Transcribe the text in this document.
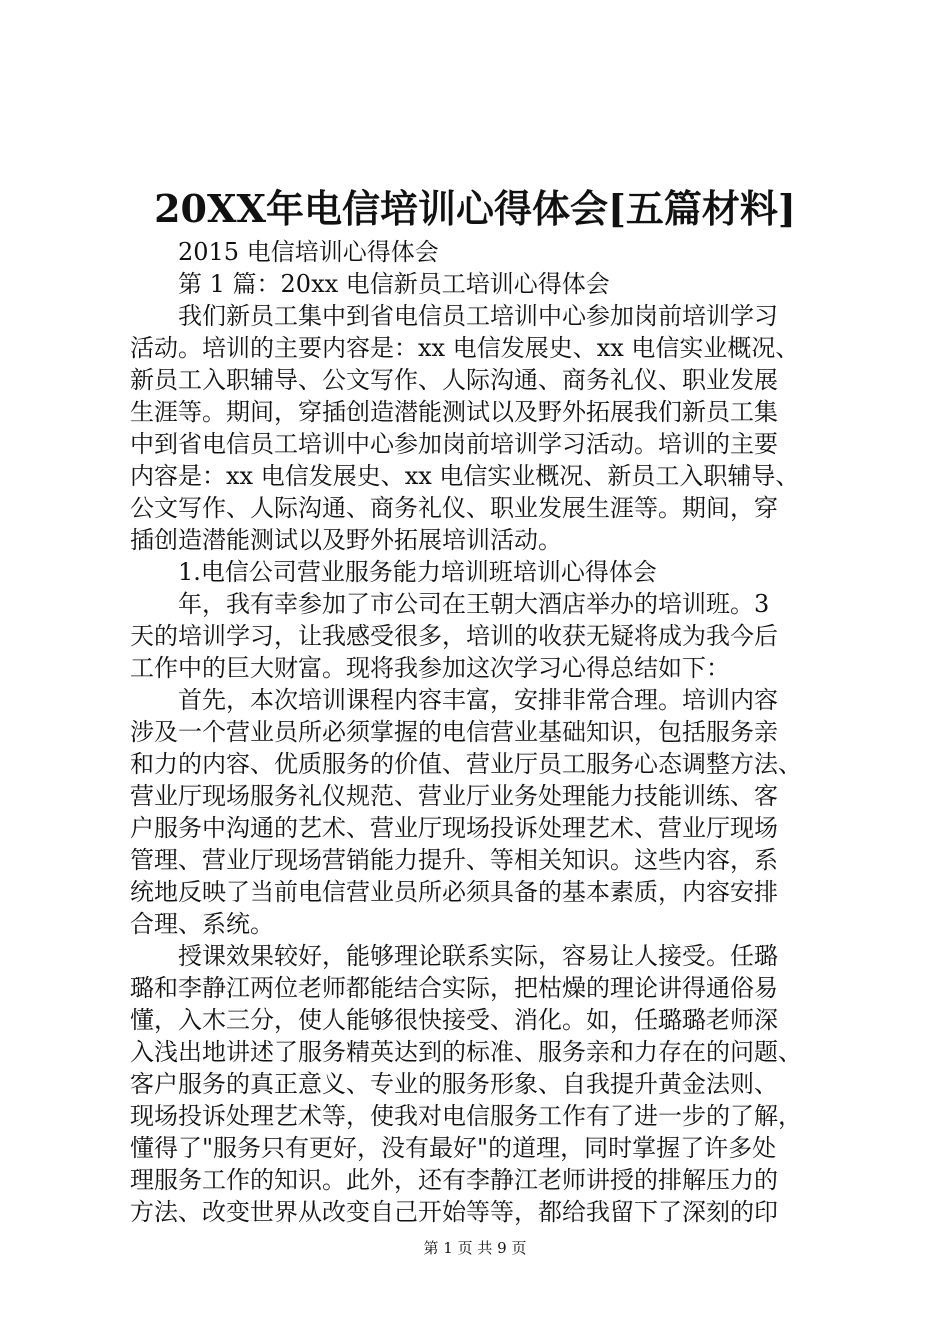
20XX年电信培训心得体会[五篇材料]
2015 电信培训心得体会
第 1 篇：20xx 电信新员工培训心得体会
我们新员工集中到省电信员工培训中心参加岗前培训学习
活动。培训的主要内容是：xx 电信发展史、xx 电信实业概况、
新员工入职辅导、公文写作、人际沟通、商务礼仪、职业发展
生涯等。期间，穿插创造潜能测试以及野外拓展我们新员工集
中到省电信员工培训中心参加岗前培训学习活动。培训的主要
内容是：xx 电信发展史、xx 电信实业概况、新员工入职辅导、
公文写作、人际沟通、商务礼仪、职业发展生涯等。期间，穿
插创造潜能测试以及野外拓展培训活动。
1.电信公司营业服务能力培训班培训心得体会
年，我有幸参加了市公司在王朝大酒店举办的培训班。3
天的培训学习，让我感受很多，培训的收获无疑将成为我今后
工作中的巨大财富。现将我参加这次学习心得总结如下：
首先，本次培训课程内容丰富，安排非常合理。培训内容
涉及一个营业员所必须掌握的电信营业基础知识，包括服务亲
和力的内容、优质服务的价值、营业厅员工服务心态调整方法、
营业厅现场服务礼仪规范、营业厅业务处理能力技能训练、客
户服务中沟通的艺术、营业厅现场投诉处理艺术、营业厅现场
管理、营业厅现场营销能力提升、等相关知识。这些内容，系
统地反映了当前电信营业员所必须具备的基本素质，内容安排
合理、系统。
授课效果较好，能够理论联系实际，容易让人接受。任璐
璐和李静江两位老师都能结合实际，把枯燥的理论讲得通俗易
懂，入木三分，使人能够很快接受、消化。如，任璐璐老师深
入浅出地讲述了服务精英达到的标准、服务亲和力存在的问题、
客户服务的真正意义、专业的服务形象、自我提升黄金法则、
现场投诉处理艺术等，使我对电信服务工作有了进一步的了解，
懂得了"服务只有更好，没有最好"的道理，同时掌握了许多处
理服务工作的知识。此外，还有李静江老师讲授的排解压力的
方法、改变世界从改变自己开始等等，都给我留下了深刻的印
第 1 页 共 9 页
